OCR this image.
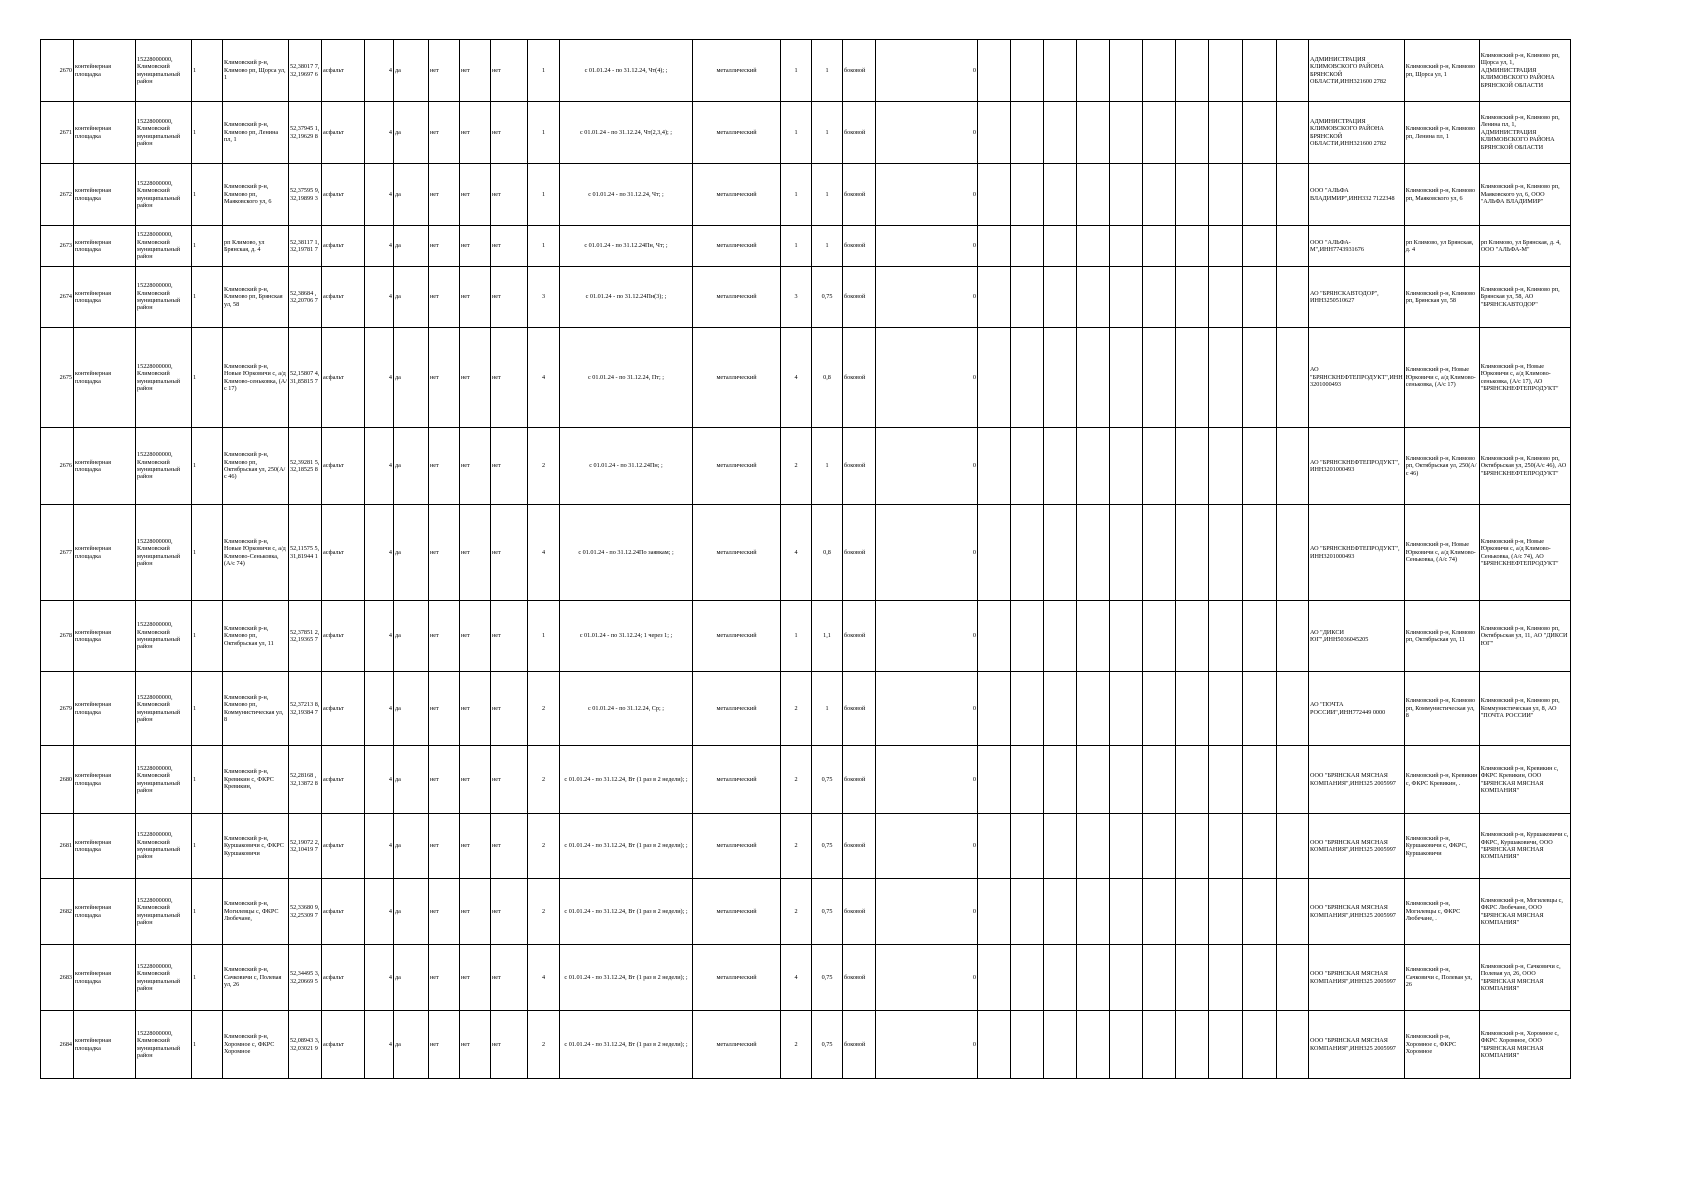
2670	контейнерная площадка	15228000000, Климовский муниципальный район	1	Климовский р-н, Климово рп, Щорса ул, 1	52,38017 7, 32,19697 6	асфальт	4	да	нет	нет	нет	1	с 01.01.24 - по 31.12.24, Чт(4); ;	металлический	1	1	боковой	0											АДМИНИСТРАЦИЯ КЛИМОВСКОГО РАЙОНА БРЯНСКОЙ ОБЛАСТИ,ИНН321600 2782	Климовский р-н, Климово рп, Щорса ул, 1	Климовский р-н, Климово рп, Щорса ул, 1, АДМИНИСТРАЦИЯ КЛИМОВСКОГО РАЙОНА БРЯНСКОЙ ОБЛАСТИ
2671	контейнерная площадка	15228000000, Климовский муниципальный район	1	Климовский р-н, Климово рп, Ленина пл, 1	52,37945 1, 32,19629 8	асфальт	4	да	нет	нет	нет	1	с 01.01.24 - по 31.12.24, Чт(2,3,4); ;	металлический	1	1	боковой	0											АДМИНИСТРАЦИЯ КЛИМОВСКОГО РАЙОНА БРЯНСКОЙ ОБЛАСТИ,ИНН321600 2782	Климовский р-н, Климово рп, Ленина пл, 1	Климовский р-н, Климово рп, Ленина пл, 1, АДМИНИСТРАЦИЯ КЛИМОВСКОГО РАЙОНА БРЯНСКОЙ ОБЛАСТИ
2672	контейнерная площадка	15228000000, Климовский муниципальный район	1	Климовский р-н, Климово рп, Маяковского ул, 6	52,37595 9, 32,19899 3	асфальт	4	да	нет	нет	нет	1	с 01.01.24 - по 31.12.24, Чт; ;	металлический	1	1	боковой	0											ООО "АЛЬФА ВЛАДИМИР",ИНН332 7122348	Климовский р-н, Климово рп, Маяковского ул, 6	Климовский р-н, Климово рп, Маяковского ул, 6, ООО "АЛЬФА ВЛАДИМИР"
2673	контейнерная площадка	15228000000, Климовский муниципальный район	1	рп Климово, ул Брянская, д. 4	52,38117 1, 32,19781 7	асфальт	4	да	нет	нет	нет	1	с 01.01.24 - по 31.12.24Пн, Чт; ;	металлический	1	1	боковой	0											ООО "АЛЬФА-М",ИНН7743931676	рп Климово, ул Брянская, д. 4	рп Климово, ул Брянская, д. 4, ООО "АЛЬФА-М"
2674	контейнерная площадка	15228000000, Климовский муниципальный район	1	Климовский р-н, Климово рп, Брянская ул, 58	52,38684 , 32,20706 7	асфальт	4	да	нет	нет	нет	3	с 01.01.24 - по 31.12.24Пн(3); ;	металлический	3	0,75	боковой	0											АО "БРЯНСКАВТОДОР", ИНН3250510627	Климовский р-н, Климово рп, Брянская ул, 58	Климовский р-н, Климово рп, Брянская ул, 58, АО "БРЯНСКАВТОДОР"
2675	контейнерная площадка	15228000000, Климовский муниципальный район	1	Климовский р-н, Новые Юрковичи с, а/д Климово-сеньковка, (А/с 17)	52,15807 4, 31,85815 7	асфальт	4	да	нет	нет	нет	4	с 01.01.24 - по 31.12.24, Пт; ;	металлический	4	0,8	боковой	0											АО "БРЯНСКНЕФТЕПРОДУКТ",ИНН 3201000493	Климовский р-н, Новые Юрковичи с, а/д Климово-сеньковка, (А/с 17)	Климовский р-н, Новые Юрковичи с, а/д Климово-сеньковка, (А/с 17), АО "БРЯНСКНЕФТЕПРОДУКТ"
2676	контейнерная площадка	15228000000, Климовский муниципальный район	1	Климовский р-н, Климово рп, Октябрьская ул, 250(А/с 46)	52,39281 5, 32,18525 8	асфальт	4	да	нет	нет	нет	2	с 01.01.24 - по 31.12.24Пн; ;	металлический	2	1	боковой	0											АО "БРЯНСКНЕФТЕПРОДУКТ", ИНН3201000493	Климовский р-н, Климово рп, Октябрьская ул, 250(А/с 46)	Климовский р-н, Климово рп, Октябрьская ул, 250(А/с 46), АО "БРЯНСКНЕФТЕПРОДУКТ"
2677	контейнерная площадка	15228000000, Климовский муниципальный район	1	Климовский р-н, Новые Юрковичи с, а/д Климово-Сеньковка, (А/с 74)	52,11575 5, 31,81944 1	асфальт	4	да	нет	нет	нет	4	с 01.01.24 - по 31.12.24По заявкам; ;	металлический	4	0,8	боковой	0											АО "БРЯНСКНЕФТЕПРОДУКТ", ИНН3201000493	Климовский р-н, Новые Юрковичи с, а/д Климово-Сеньковка, (А/с 74)	Климовский р-н, Новые Юрковичи с, а/д Климово-Сеньковка, (А/с 74), АО "БРЯНСКНЕФТЕПРОДУКТ"
2678	контейнерная площадка	15228000000, Климовский муниципальный район	1	Климовский р-н, Климово рп, Октябрьская ул, 11	52,37851 2, 32,19365 7	асфальт	4	да	нет	нет	нет	1	с 01.01.24 - по 31.12.24; 1 через 1; ;	металлический	1	1,1	боковой	0											АО "ДИКСИ ЮГ",ИНН5036045205	Климовский р-н, Климово рп, Октябрьская ул, 11	Климовский р-н, Климово рп, Октябрьская ул, 11, АО "ДИКСИ ЮГ"
2679	контейнерная площадка	15228000000, Климовский муниципальный район	1	Климовский р-н, Климово рп, Коммунистическая ул, 8	52,37213 8, 32,19384 7	асфальт	4	да	нет	нет	нет	2	с 01.01.24 - по 31.12.24, Ср; ;	металлический	2	1	боковой	0											АО "ПОЧТА РОССИИ",ИНН772449 0000	Климовский р-н, Климово рп, Коммунистическая ул, 8	Климовский р-н, Климово рп, Коммунистическая ул, 8, АО "ПОЧТА РОССИИ"
2680	контейнерная площадка	15228000000, Климовский муниципальный район	1	Климовский р-н, Кревикин с, ФКРС Кревикин,	52,28168 , 32,13872 8	асфальт	4	да	нет	нет	нет	2	с 01.01.24 - по 31.12.24, Вт (1 раз в 2 недели); ;	металлический	2	0,75	боковой	0											ООО "БРЯНСКАЯ МЯСНАЯ КОМПАНИЯ",ИНН325 2005997	Климовский р-н, Кревикин с, ФКРС Кревикин, .	Климовский р-н, Кревикин с, ФКРС Кревикин, ООО "БРЯНСКАЯ МЯСНАЯ КОМПАНИЯ"
2681	контейнерная площадка	15228000000, Климовский муниципальный район	1	Климовский р-н, Куршаковичи с, ФКРС Куршаковичи	52,19072 2, 32,10419 7	асфальт	4	да	нет	нет	нет	2	с 01.01.24 - по 31.12.24, Вт (1 раз в 2 недели); ;	металлический	2	0,75	боковой	0											ООО "БРЯНСКАЯ МЯСНАЯ КОМПАНИЯ",ИНН325 2005997	Климовский р-н, Куршаковичи с, ФКРС, Куршаковичи	Климовский р-н, Куршаковичи с, ФКРС, Куршаковичи, ООО "БРЯНСКАЯ МЯСНАЯ КОМПАНИЯ"
2682	контейнерная площадка	15228000000, Климовский муниципальный район	1	Климовский р-н, Могилевцы с, ФКРС Любечане,	52,33680 9, 32,25309 7	асфальт	4	да	нет	нет	нет	2	с 01.01.24 - по 31.12.24, Вт (1 раз в 2 недели); ;	металлический	2	0,75	боковой	0											ООО "БРЯНСКАЯ МЯСНАЯ КОМПАНИЯ",ИНН325 2005997	Климовский р-н, Могилевцы с, ФКРС Любечане, .	Климовский р-н, Могилевцы с, ФКРС Любечане, ООО "БРЯНСКАЯ МЯСНАЯ КОМПАНИЯ"
2683	контейнерная площадка	15228000000, Климовский муниципальный район	1	Климовский р-н, Сачковичи с, Полевая ул, 26	52,34495 3, 32,20669 5	асфальт	4	да	нет	нет	нет	4	с 01.01.24 - по 31.12.24, Вт (1 раз в 2 недели); ;	металлический	4	0,75	боковой	0											ООО "БРЯНСКАЯ МЯСНАЯ КОМПАНИЯ",ИНН325 2005997	Климовский р-н, Сачковичи с, Полевая ул, 26	Климовский р-н, Сачковичи с, Полевая ул, 26, ООО "БРЯНСКАЯ МЯСНАЯ КОМПАНИЯ"
2684	контейнерная площадка	15228000000, Климовский муниципальный район	1	Климовский р-н, Хоромное с, ФКРС Хоромное	52,08943 3, 32,03021 9	асфальт	4	да	нет	нет	нет	2	с 01.01.24 - по 31.12.24, Вт (1 раз в 2 недели); ;	металлический	2	0,75	боковой	0											ООО "БРЯНСКАЯ МЯСНАЯ КОМПАНИЯ",ИНН325 2005997	Климовский р-н, Хоромное с, ФКРС Хоромное	Климовский р-н, Хоромное с, ФКРС Хоромное, ООО "БРЯНСКАЯ МЯСНАЯ КОМПАНИЯ"
